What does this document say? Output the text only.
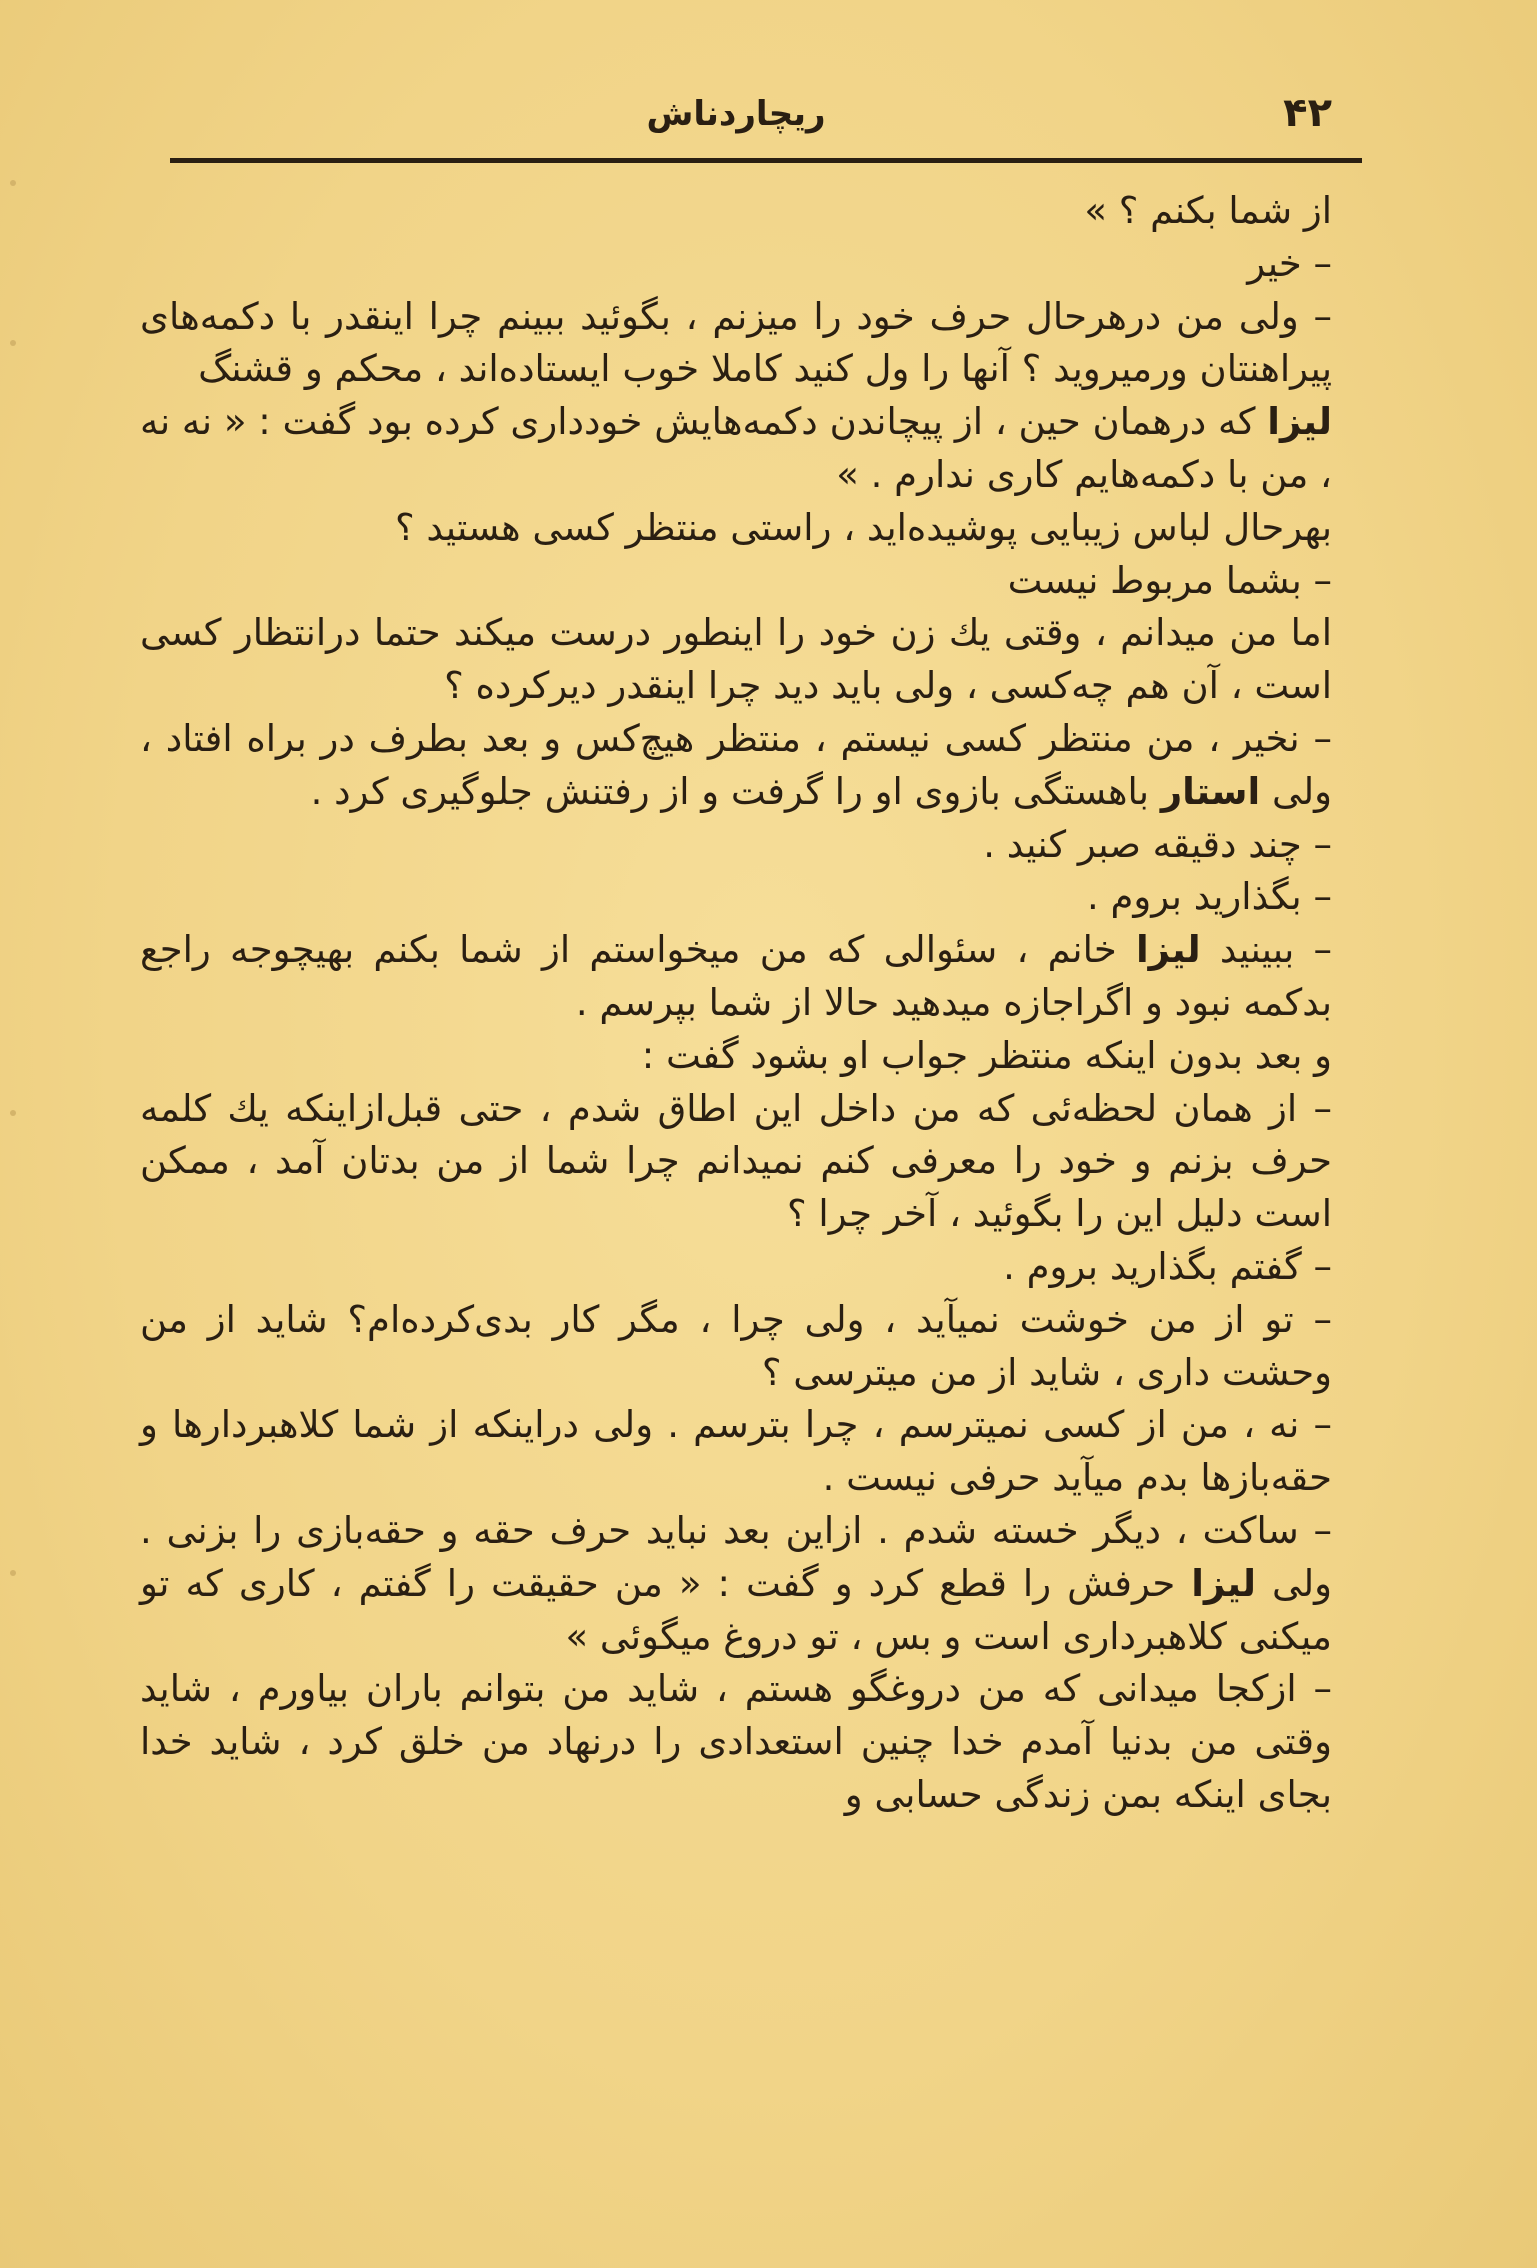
۴۲
ریچاردناش

از شما بکنم ؟ »

– خیر

– ولی من درهرحال حرف خود را میزنم ، بگوئید ببینم چرا اینقدر با دکمه‌های پیراهنتان ورمیروید ؟ آنها را ول کنید کاملا خوب ایستاده‌اند ، محکم و قشنگ

لیزا که درهمان حین ، از پیچاندن دکمه‌هایش خودداری کرده بود گفت : « نه نه ، من با دکمه‌هایم کاری ندارم . »

بهرحال لباس زیبایی پوشیده‌اید ، راستی منتظر کسی هستید ؟

– بشما مربوط نیست

اما من میدانم ، وقتی یك زن خود را اینطور درست میکند حتما درانتظار کسی است ، آن هم چه‌کسی ، ولی باید دید چرا اینقدر دیرکرده ؟

– نخیر ، من منتظر کسی نیستم ، منتظر هیچ‌کس و بعد بطرف در براه افتاد ، ولی استار باهستگی بازوی او را گرفت و از رفتنش جلوگیری کرد .

– چند دقیقه صبر کنید .

– بگذارید بروم .

– ببینید لیزا خانم ، سئوالی که من میخواستم از شما بکنم بهیچوجه راجع بدکمه نبود و اگراجازه میدهید حالا از شما بپرسم .

و بعد بدون اینکه منتظر جواب او بشود گفت :

– از همان لحظه‌ئی که من داخل این اطاق شدم ، حتی قبل‌ازاینکه یك کلمه حرف بزنم و خود را معرفی کنم نمیدانم چرا شما از من بدتان آمد ، ممکن است دلیل این را بگوئید ، آخر چرا ؟

– گفتم بگذارید بروم .

– تو از من خوشت نمیآید ، ولی چرا ، مگر کار بدی‌کرده‌ام؟ شاید از من وحشت داری ، شاید از من میترسی ؟

– نه ، من از کسی نمیترسم ، چرا بترسم . ولی دراینکه از شما کلاهبردارها و حقه‌بازها بدم میآید حرفی نیست .

– ساکت ، دیگر خسته شدم . ازاین بعد نباید حرف حقه و حقه‌بازی را بزنی . ولی لیزا حرفش را قطع کرد و گفت : « من حقیقت را گفتم ، کاری که تو میکنی کلاهبرداری است و بس ، تو دروغ میگوئی »

– ازکجا میدانی که من دروغگو هستم ، شاید من بتوانم باران بیاورم ، شاید وقتی من بدنیا آمدم خدا چنین استعدادی را درنهاد من خلق کرد ، شاید خدا بجای اینکه بمن زندگی حسابی و
